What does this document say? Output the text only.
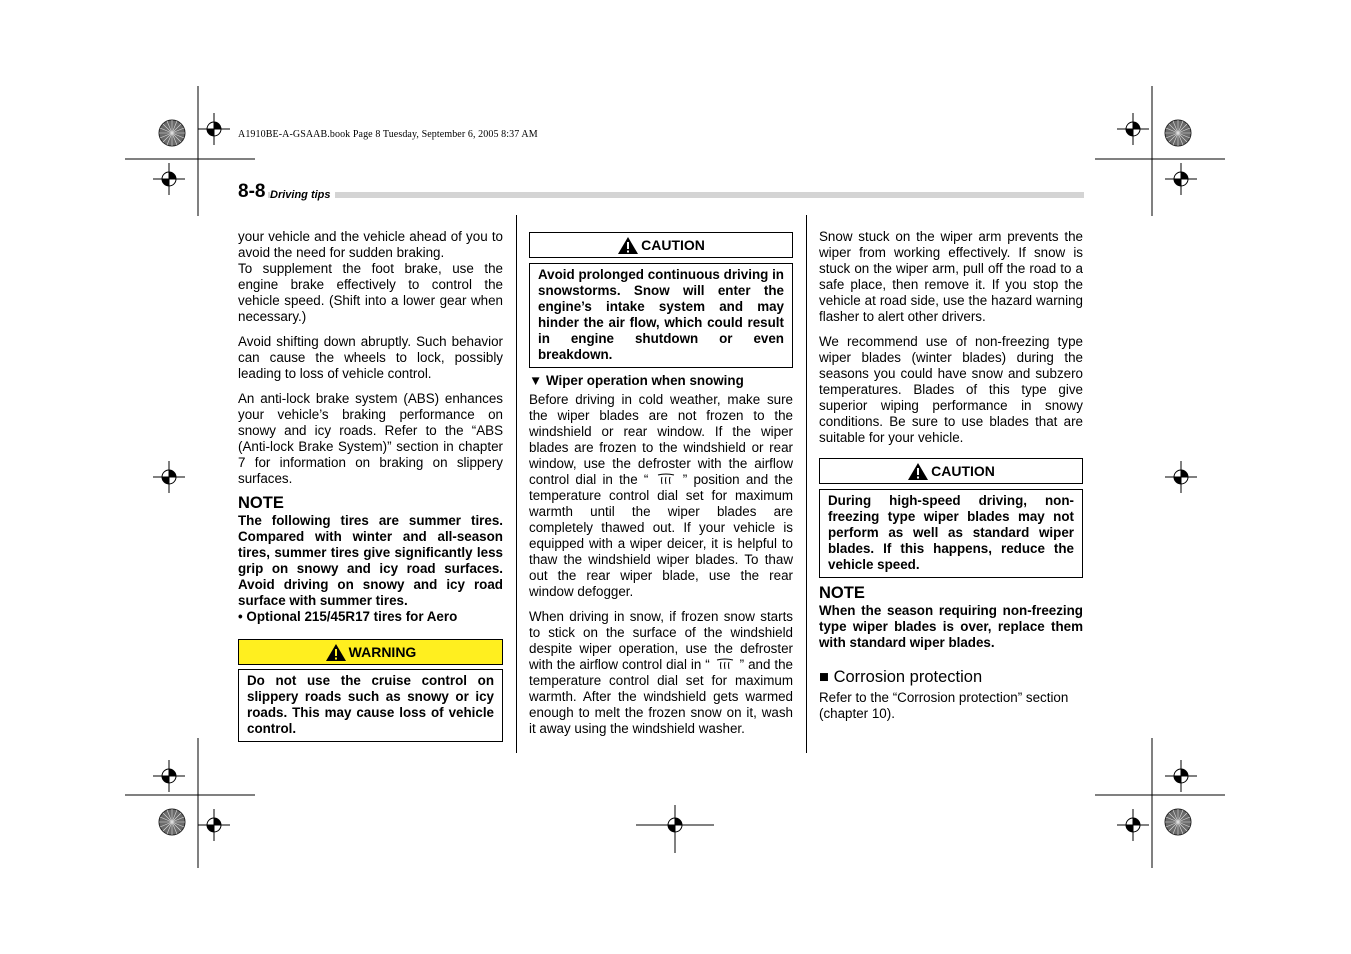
A1910BE-A-GSAAB.book Page 8 Tuesday, September 6, 2005 8:37 AM
8-8 Driving tips

your vehicle and the vehicle ahead of you to avoid the need for sudden braking.

To supplement the foot brake, use the engine brake effectively to control the vehicle speed. (Shift into a lower gear when necessary.)

Avoid shifting down abruptly. Such behavior can cause the wheels to lock, possibly leading to loss of vehicle control.

An anti-lock brake system (ABS) enhances your vehicle’s braking performance on snowy and icy roads. Refer to the “ABS (Anti-lock Brake System)” section in chapter 7 for information on braking on slippery surfaces.

NOTE

The following tires are summer tires. Compared with winter and all-season tires, summer tires give significantly less grip on snowy and icy road surfaces. Avoid driving on snowy and icy road surface with summer tires.

• Optional 215/45R17 tires for Aero
WARNING
Do not use the cruise control on slippery roads such as snowy or icy roads. This may cause loss of vehicle control.
CAUTION
Avoid prolonged continuous driving in snowstorms. Snow will enter the engine’s intake system and may hinder the air flow, which could result in engine shutdown or even breakdown.
▼ Wiper operation when snowing

Before driving in cold weather, make sure the wiper blades are not frozen to the windshield or rear window. If the wiper blades are frozen to the windshield or rear window, use the defroster with the airflow control dial in the “	” position and the temperature control dial set for maximum warmth until the wiper blades are completely thawed out. If your vehicle is equipped with a wiper deicer, it is helpful to thaw the windshield wiper blades. To thaw out the rear wiper blade, use the rear window defogger.

When driving in snow, if frozen snow starts to stick on the surface of the windshield despite wiper operation, use the defroster with the airflow control dial in “ ” and the temperature control dial set for maximum warmth. After the windshield gets warmed enough to melt the frozen snow on it, wash it away using the windshield washer.

Snow stuck on the wiper arm prevents the wiper from working effectively. If snow is stuck on the wiper arm, pull off the road to a safe place, then remove it. If you stop the vehicle at road side, use the hazard warning flasher to alert other drivers.

We recommend use of non-freezing type wiper blades (winter blades) during the seasons you could have snow and subzero temperatures. Blades of this type give superior wiping performance in snowy conditions. Be sure to use blades that are suitable for your vehicle.

CAUTION
During high-speed driving, non-freezing type wiper blades may not perform as well as standard wiper blades. If this happens, reduce the vehicle speed.
NOTE

When the season requiring non-freezing type wiper blades is over, replace them with standard wiper blades.

■ Corrosion protection

Refer to the “Corrosion protection” section (chapter 10).
